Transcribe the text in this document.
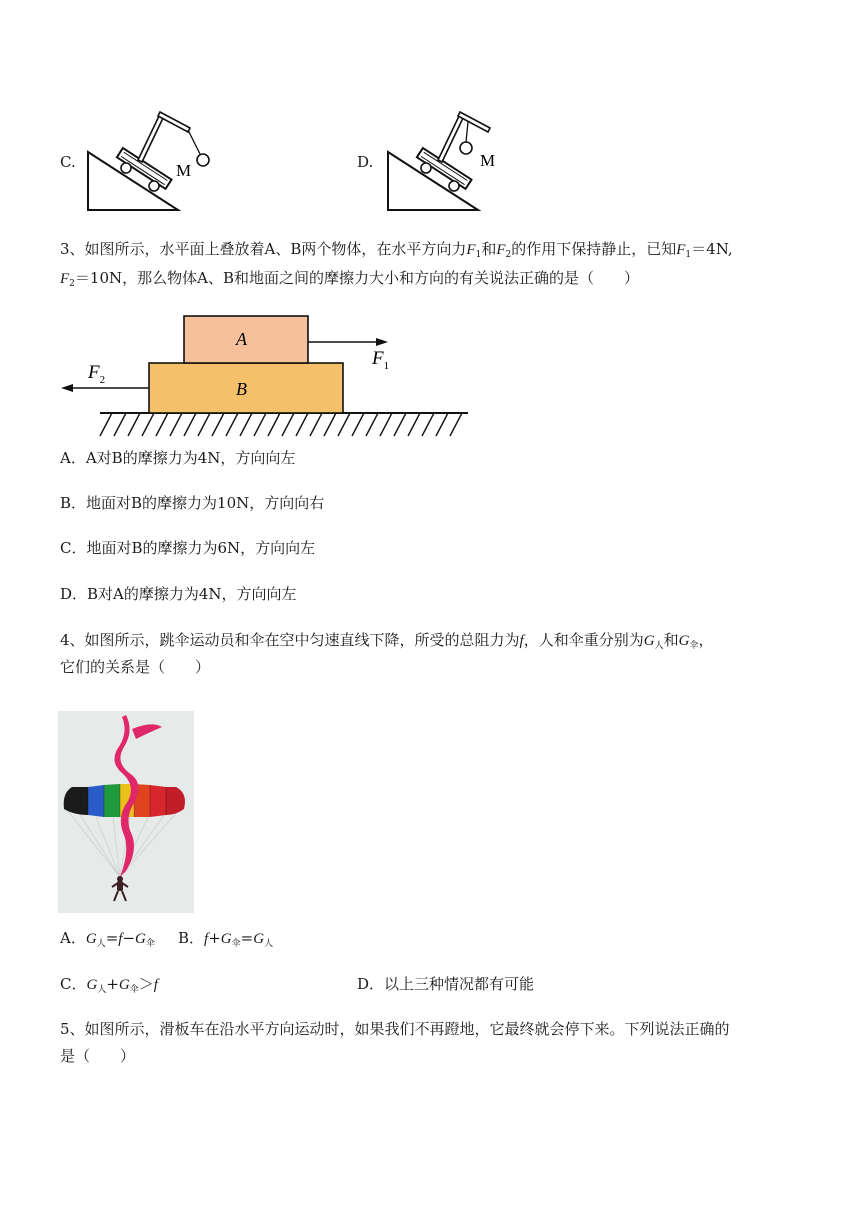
C.	M	D.	M
3、如图所示，水平面上叠放着A、B两个物体，在水平方向力$F_1$和$F_2$的作用下保持静止，已知$F_1=4N$,
$F_2=10N$，那么物体A、B和地面之间的摩擦力大小和方向的有关说法正确的是（　　）
B
A
$F_1$
$F_2$
A．A对B的摩擦力为4N，方向向左
B．地面对B的摩擦力为10N，方向向右
C．地面对B的摩擦力为6N，方向向左
D．B对A的摩擦力为4N，方向向左
4、如图所示，跳伞运动员和伞在空中匀速直线下降，所受的总阻力为f，人和伞重分别为$G_人$和$G_伞$，
它们的关系是（　　）
A．$G_人=f-G_伞$ B．$f+G_伞=G_人$
C．$G_人+G_伞>f$	D．以上三种情况都有可能
5、如图所示，滑板车在沿水平方向运动时，如果我们不再蹬地，它最终就会停下来。下列说法正确的
是（　　）
